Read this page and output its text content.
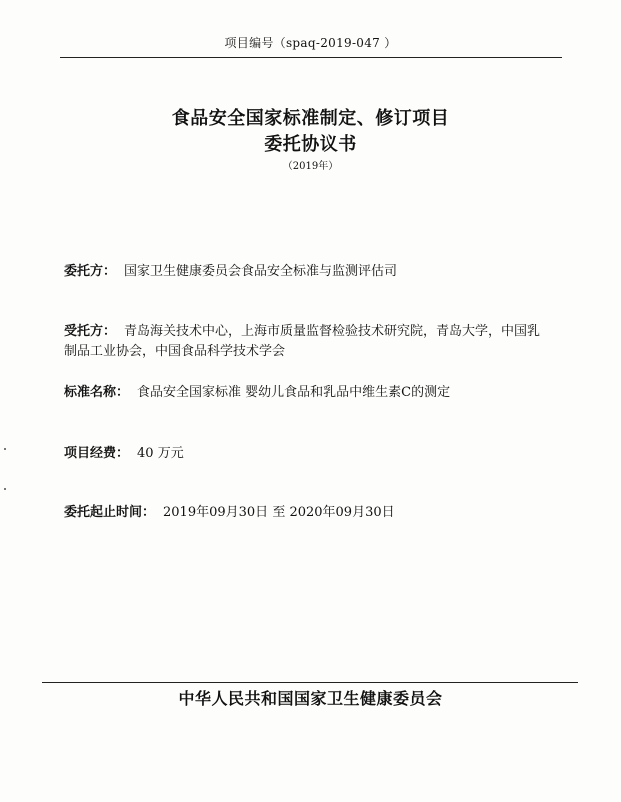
项目编号（spaq-2019-047 ）
食品安全国家标准制定、修订项目
委托协议书
（2019年）
委托方： 国家卫生健康委员会食品安全标准与监测评估司
受托方： 青岛海关技术中心，上海市质量监督检验技术研究院，青岛大学，中国乳制品工业协会，中国食品科学技术学会
标准名称： 食品安全国家标准 婴幼儿食品和乳品中维生素C的测定
项目经费： 40 万元
委托起止时间： 2019年09月30日 至 2020年09月30日
中华人民共和国国家卫生健康委员会
